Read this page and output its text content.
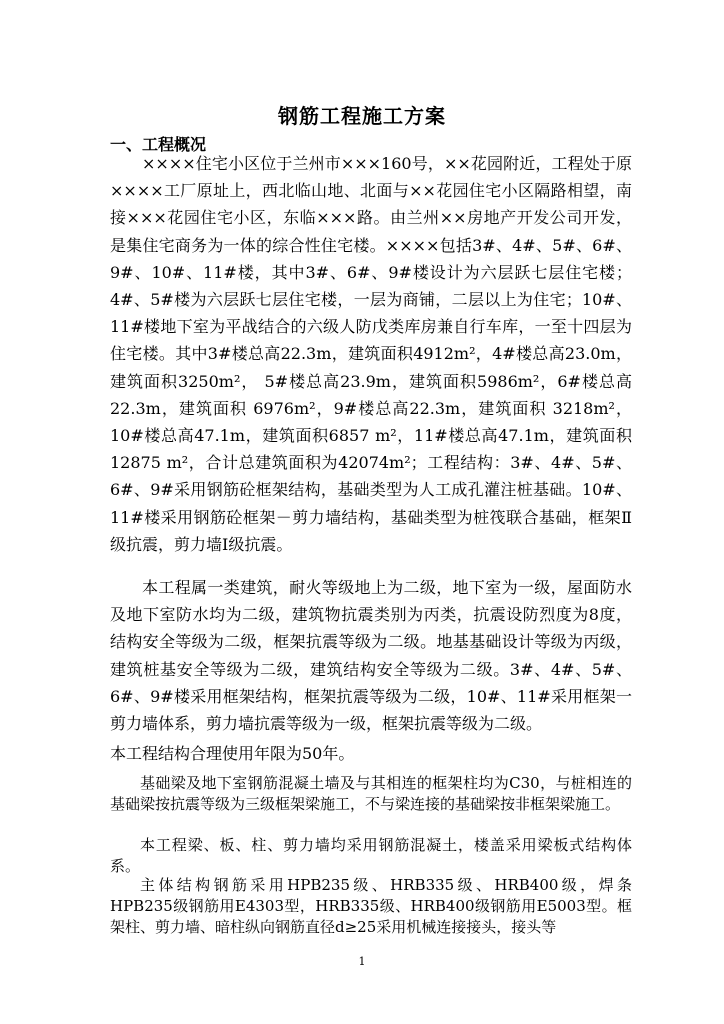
钢筋工程施工方案
一、工程概况

××××住宅小区位于兰州市×××160号，××花园附近，工程处于原××××工厂原址上，西北临山地、北面与××花园住宅小区隔路相望，南接×××花园住宅小区，东临×××路。由兰州××房地产开发公司开发，是集住宅商务为一体的综合性住宅楼。××××包括3#、4#、5#、6#、9#、10#、11#楼，其中3#、6#、9#楼设计为六层跃七层住宅楼； 4#、5#楼为六层跃七层住宅楼，一层为商铺，二层以上为住宅；10#、11#楼地下室为平战结合的六级人防戊类库房兼自行车库，一至十四层为住宅楼。其中3#楼总高22.3m，建筑面积4912m²，4#楼总高23.0m，建筑面积3250m²， 5#楼总高23.9m，建筑面积5986m²，6#楼总高22.3m，建筑面积 6976m²，9#楼总高22.3m，建筑面积 3218m²，10#楼总高47.1m，建筑面积6857 m²，11#楼总高47.1m，建筑面积12875 m²，合计总建筑面积为42074m²；工程结构：3#、4#、5#、6#、9#采用钢筋砼框架结构，基础类型为人工成孔灌注桩基础。10#、11#楼采用钢筋砼框架－剪力墙结构，基础类型为桩筏联合基础，框架Ⅱ级抗震，剪力墙Ⅰ级抗震。

本工程属一类建筑，耐火等级地上为二级，地下室为一级，屋面防水及地下室防水均为二级，建筑物抗震类别为丙类，抗震设防烈度为8度，结构安全等级为二级，框架抗震等级为二级。地基基础设计等级为丙级，建筑桩基安全等级为二级，建筑结构安全等级为二级。3#、4#、5#、6#、9#楼采用框架结构，框架抗震等级为二级，10#、11#采用框架一剪力墙体系，剪力墙抗震等级为一级，框架抗震等级为二级。

本工程结构合理使用年限为50年。

基础梁及地下室钢筋混凝土墙及与其相连的框架柱均为C30，与桩相连的基础梁按抗震等级为三级框架梁施工，不与梁连接的基础梁按非框架梁施工。

本工程梁、板、柱、剪力墙均采用钢筋混凝土，楼盖采用梁板式结构体系。

主体结构钢筋采用HPB235级、HRB335级、HRB400级，焊条HPB235级钢筋用E4303型，HRB335级、HRB400级钢筋用E5003型。框架柱、剪力墙、暗柱纵向钢筋直径d≥25采用机械连接接头，接头等

1
